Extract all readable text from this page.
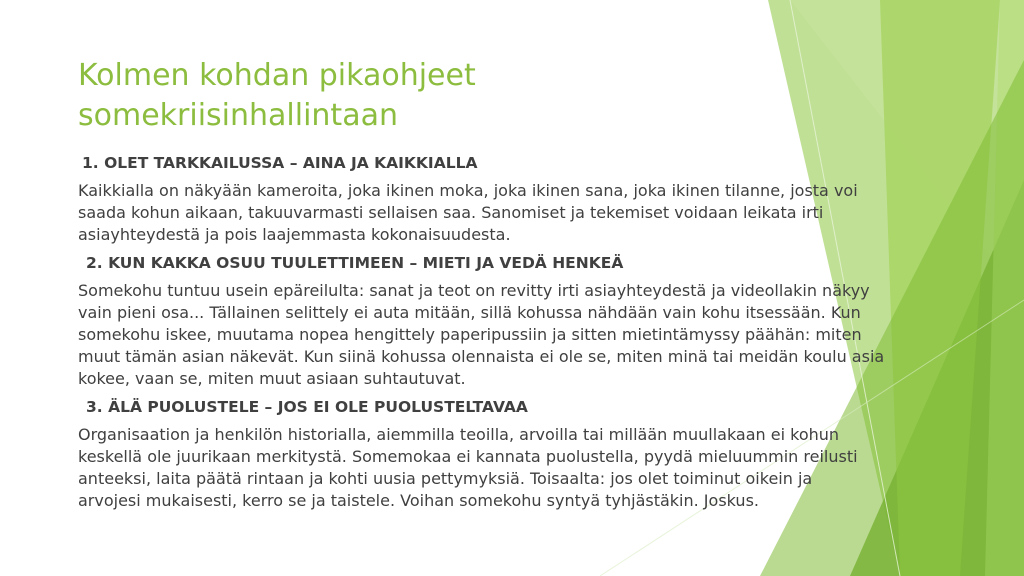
Kolmen kohdan pikaohjeet
somekriisinhallintaan
1. OLET TARKKAILUSSA – AINA JA KAIKKIALLA
Kaikkialla on näkyään kameroita, joka ikinen moka, joka ikinen sana, joka ikinen tilanne, josta voi
saada kohun aikaan, takuuvarmasti sellaisen saa. Sanomiset ja tekemiset voidaan leikata irti
asiayhteydestä ja pois laajemmasta kokonaisuudesta.
2. KUN KAKKA OSUU TUULETTIMEEN – MIETI JA VEDÄ HENKEÄ
Somekohu tuntuu usein epäreilulta: sanat ja teot on revitty irti asiayhteydestä ja videollakin näkyy
vain pieni osa... Tällainen selittely ei auta mitään, sillä kohussa nähdään vain kohu itsessään. Kun
somekohu iskee, muutama nopea hengittely paperipussiin ja sitten mietintämyssy päähän: miten
muut tämän asian näkevät. Kun siinä kohussa olennaista ei ole se, miten minä tai meidän koulu asia
kokee, vaan se, miten muut asiaan suhtautuvat.
3. ÄLÄ PUOLUSTELE – JOS EI OLE PUOLUSTELTAVAA
Organisaation ja henkilön historialla, aiemmilla teoilla, arvoilla tai millään muullakaan ei kohun
keskellä ole juurikaan merkitystä. Somemokaa ei kannata puolustella, pyydä mieluummin reilusti
anteeksi, laita päätä rintaan ja kohti uusia pettymyksiä. Toisaalta: jos olet toiminut oikein ja
arvojesi mukaisesti, kerro se ja taistele. Voihan somekohu syntyä tyhjästäkin. Joskus.
